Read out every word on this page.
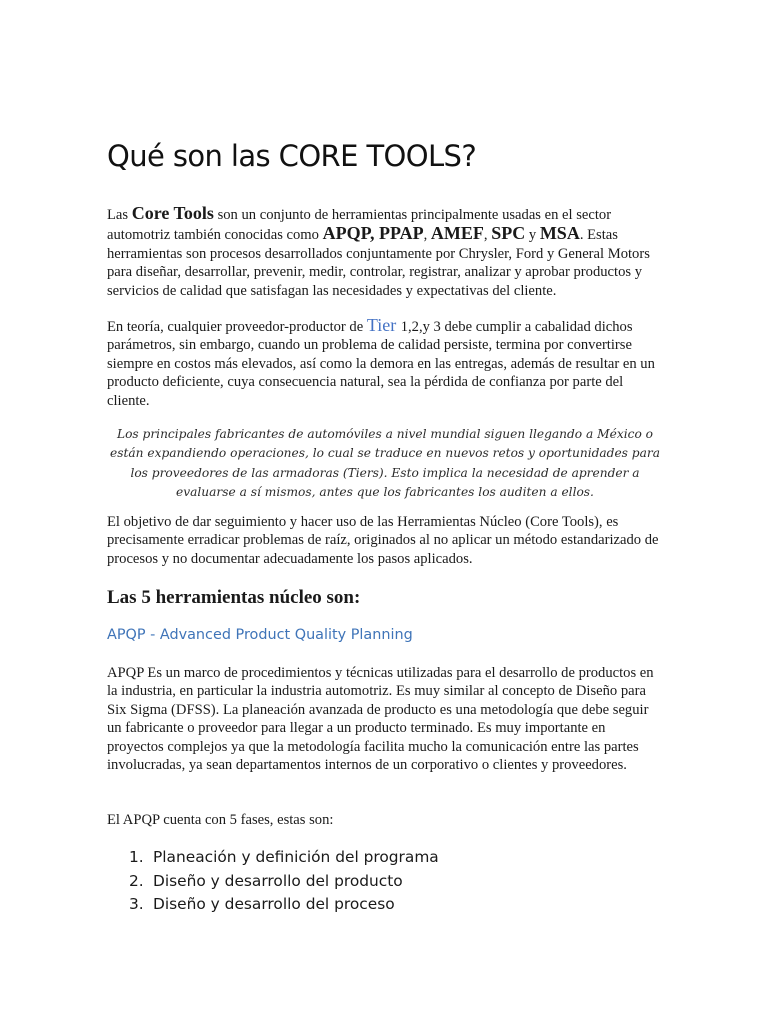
Qué son las CORE TOOLS?

Las Core Tools son un conjunto de herramientas principalmente usadas en el sector automotriz también conocidas como APQP, PPAP, AMEF, SPC y MSA. Estas herramientas son procesos desarrollados conjuntamente por Chrysler, Ford y General Motors para diseñar, desarrollar, prevenir, medir, controlar, registrar, analizar y aprobar productos y servicios de calidad que satisfagan las necesidades y expectativas del cliente.

En teoría, cualquier proveedor-productor de Tier 1,2,y 3 debe cumplir a cabalidad dichos parámetros, sin embargo, cuando un problema de calidad persiste, termina por convertirse siempre en costos más elevados, así como la demora en las entregas, además de resultar en un producto deficiente, cuya consecuencia natural, sea la pérdida de confianza por parte del cliente.

Los principales fabricantes de automóviles a nivel mundial siguen llegando a México o están expandiendo operaciones, lo cual se traduce en nuevos retos y oportunidades para los proveedores de las armadoras (Tiers). Esto implica la necesidad de aprender a evaluarse a sí mismos, antes que los fabricantes los auditen a ellos.

El objetivo de dar seguimiento y hacer uso de las Herramientas Núcleo (Core Tools), es precisamente erradicar problemas de raíz, originados al no aplicar un método estandarizado de procesos y no documentar adecuadamente los pasos aplicados.

Las 5 herramientas núcleo son:
APQP - Advanced Product Quality Planning

APQP Es un marco de procedimientos y técnicas utilizadas para el desarrollo de productos en la industria, en particular la industria automotriz. Es muy similar al concepto de Diseño para Six Sigma (DFSS). La planeación avanzada de producto es una metodología que debe seguir un fabricante o proveedor para llegar a un producto terminado. Es muy importante en proyectos complejos ya que la metodología facilita mucho la comunicación entre las partes involucradas, ya sean departamentos internos de un corporativo o clientes y proveedores.

El APQP cuenta con 5 fases, estas son:

1. Planeación y definición del programa
2. Diseño y desarrollo del producto
3. Diseño y desarrollo del proceso
